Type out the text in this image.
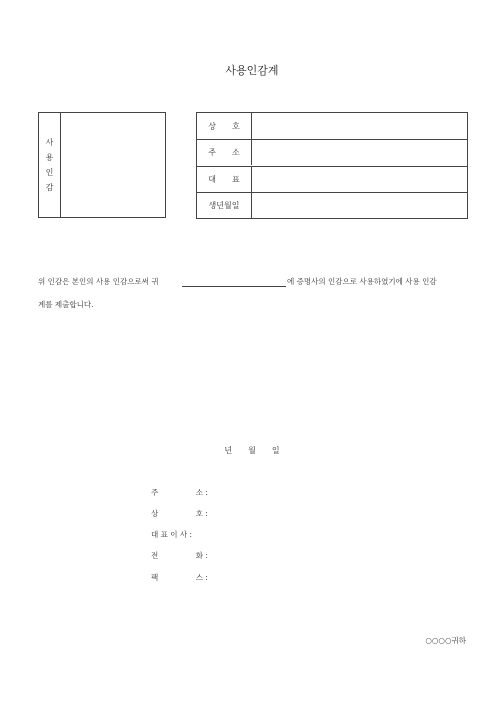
사용인감계
사
용
인
감
상　　호
주　　소
대　　표
생년월일
위 인감은 본인의 사용 인감으로써 귀	에 증명사의 인감으로 사용하였기에 사용 인감
계를 제출합니다.
년　　월　　일
주　　　　　소 :
상　　　　　호 :
대 표 이 사 :
전　　　　　화 :
팩　　　　　스 :
○○○○귀하
